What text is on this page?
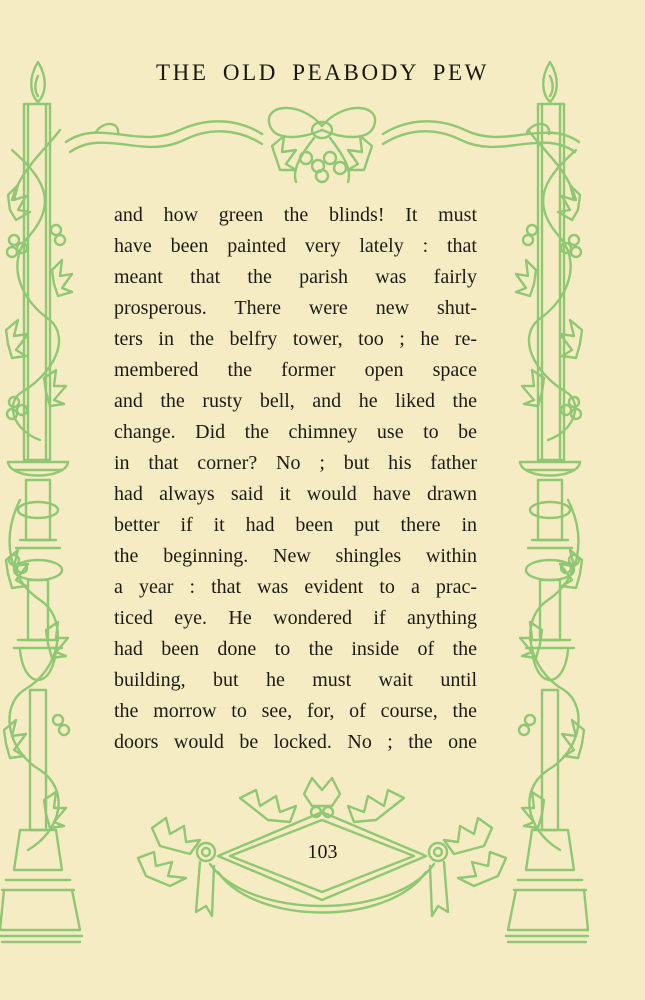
THE OLD PEABODY PEW
and how green the blinds! It must
have been painted very lately : that
meant that the parish was fairly
prosperous. There were new shut-
ters in the belfry tower, too ; he re-
membered the former open space
and the rusty bell, and he liked the
change. Did the chimney use to be
in that corner? No ; but his father
had always said it would have drawn
better if it had been put there in
the beginning. New shingles within
a year : that was evident to a prac-
ticed eye. He wondered if anything
had been done to the inside of the
building, but he must wait until
the morrow to see, for, of course, the
doors would be locked. No ; the one
103
